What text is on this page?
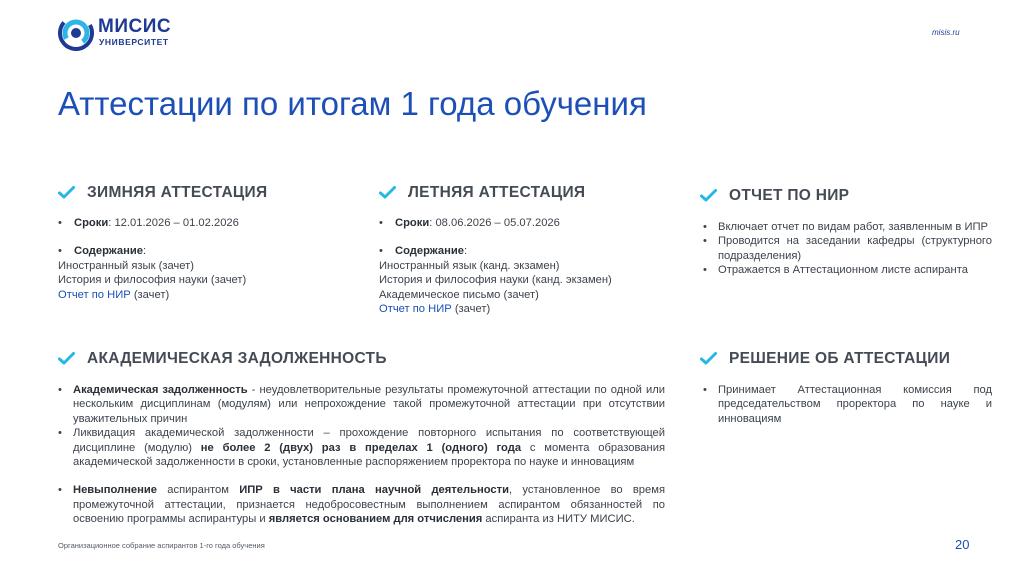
МИСИС
УНИВЕРСИТЕТ
misis.ru
Аттестации по итогам 1 года обучения
ЗИМНЯЯ АТТЕСТАЦИЯ
• Сроки: 12.01.2026 – 01.02.2026
• Содержание:
Иностранный язык (зачет)
История и философия науки (зачет)
Отчет по НИР (зачет)
ЛЕТНЯЯ АТТЕСТАЦИЯ
• Сроки: 08.06.2026 – 05.07.2026
• Содержание:
Иностранный язык (канд. экзамен)
История и философия науки (канд. экзамен)
Академическое письмо (зачет)
Отчет по НИР (зачет)
ОТЧЕТ ПО НИР
• Включает отчет по видам работ, заявленным в ИПР
• Проводится на заседании кафедры (структурного подразделения)
• Отражается в Аттестационном листе аспиранта
АКАДЕМИЧЕСКАЯ ЗАДОЛЖЕННОСТЬ
• Академическая задолженность - неудовлетворительные результаты промежуточной аттестации по одной или нескольким дисциплинам (модулям) или непрохождение такой промежуточной аттестации при отсутствии уважительных причин
• Ликвидация академической задолженности – прохождение повторного испытания по соответствующей дисциплине (модулю) не более 2 (двух) раз в пределах 1 (одного) года с момента образования академической задолженности в сроки, установленные распоряжением проректора по науке и инновациям
• Невыполнение аспирантом ИПР в части плана научной деятельности, установленное во время промежуточной аттестации, признается недобросовестным выполнением аспирантом обязанностей по освоению программы аспирантуры и является основанием для отчисления аспиранта из НИТУ МИСИС.
РЕШЕНИЕ ОБ АТТЕСТАЦИИ
• Принимает Аттестационная комиссия под председательством проректора по науке и инновациям
Организационное собрание аспирантов 1-го года обучения	20
